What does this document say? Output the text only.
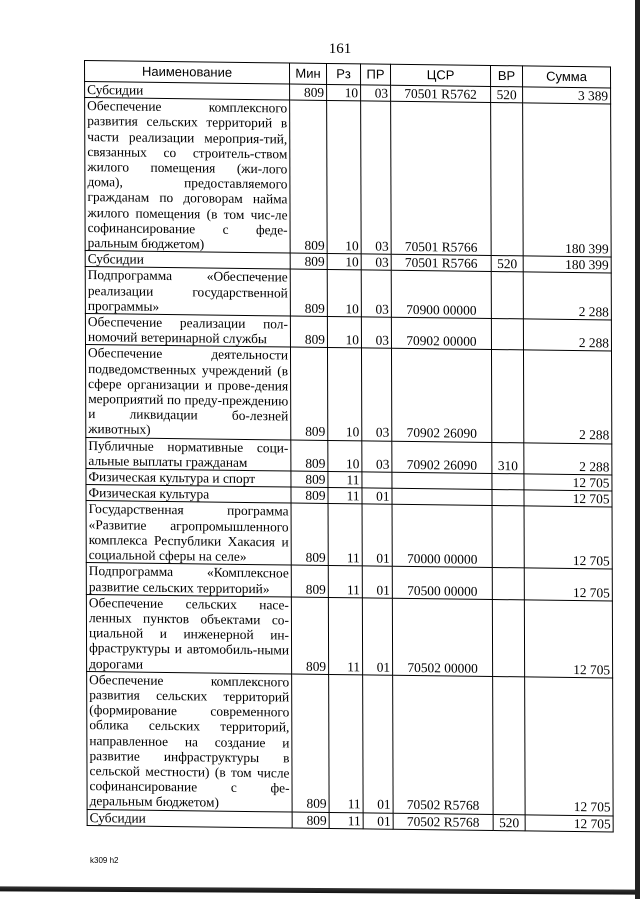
161
Наименование	Мин	Рз	ПР	ЦСР	ВР	Сумма
Субсидии	809	10	03	70501 R5762	520	3 389
Обеспечение комплексного развития сельских территорий в части реализации мероприя-тий, связанных со строитель-ством жилого помещения (жи-лого дома), предоставляемого гражданам по договорам найма жилого помещения (в том чис-ле софинансирование с феде-ральным бюджетом)	809	10	03	70501 R5766		180 399
Субсидии	809	10	03	70501 R5766	520	180 399
Подпрограмма «Обеспечение реализации государственной программы»	809	10	03	70900 00000		2 288
Обеспечение реализации пол-номочий ветеринарной службы	809	10	03	70902 00000		2 288
Обеспечение деятельности подведомственных учреждений (в сфере организации и прове-дения мероприятий по преду-преждению и ликвидации бо-лезней животных)	809	10	03	70902 26090		2 288
Публичные нормативные соци-альные выплаты гражданам	809	10	03	70902 26090	310	2 288
Физическая культура и спорт	809	11				12 705
Физическая культура	809	11	01			12 705
Государственная программа «Развитие агропромышленного комплекса Республики Хакасия и социальной сферы на селе»	809	11	01	70000 00000		12 705
Подпрограмма «Комплексное развитие сельских территорий»	809	11	01	70500 00000		12 705
Обеспечение сельских насе-ленных пунктов объектами со-циальной и инженерной ин-фраструктуры и автомобиль-ными дорогами	809	11	01	70502 00000		12 705
Обеспечение комплексного развития сельских территорий (формирование современного облика сельских территорий, направленное на создание и развитие инфраструктуры в сельской местности) (в том числе софинансирование с фе-деральным бюджетом)	809	11	01	70502 R5768		12 705
Субсидии	809	11	01	70502 R5768	520	12 705
k309 h2
